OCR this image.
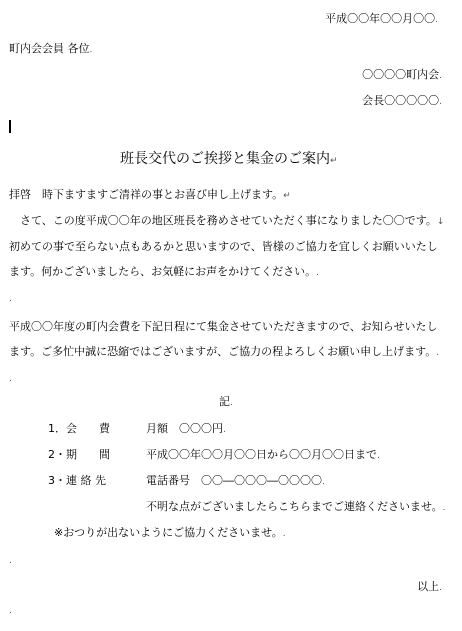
平成〇〇年〇〇月〇〇.
町内会会員 各位.
〇〇〇〇町内会.
会長〇〇〇〇〇.
班長交代のご挨拶と集金のご案内↵
拝啓　時下ますますご清祥の事とお喜び申し上げます。↵
さて、この度平成〇〇年の地区班長を務めさせていただく事になりました〇〇です。↓
初めての事で至らない点もあるかと思いますので、皆様のご協力を宜しくお願いいたし
ます。何かございましたら、お気軽にお声をかけてください。.
.
平成〇〇年度の町内会費を下記日程にて集金させていただきますので、お知らせいたし
ます。ご多忙中誠に恐縮ではございますが、ご協力の程よろしくお願い申し上げます。.
.
記.
1．会　　費	月額　〇〇〇円.
2・期　　間	平成〇〇年〇〇月〇〇日から〇〇月〇〇日まで.
3・連 絡 先	電話番号　〇〇―〇〇〇―〇〇〇〇.
不明な点がございましたらこちらまでご連絡くださいませ。.
※おつりが出ないようにご協力くださいませ。.
.
以上.
.
